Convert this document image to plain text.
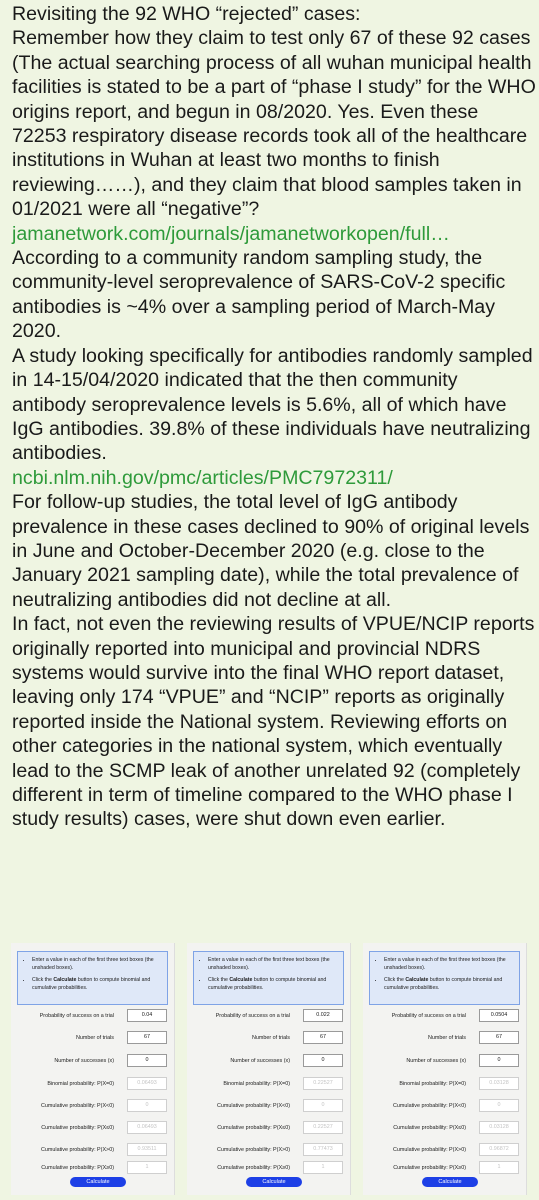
Revisiting the 92 WHO “rejected” cases:

Remember how they claim to test only 67 of these 92 cases (The actual searching process of all wuhan municipal health facilities is stated to be a part of “phase I study” for the WHO origins report, and begun in 08/2020. Yes. Even these 72253 respiratory disease records took all of the healthcare institutions in Wuhan at least two months to finish reviewing……), and they claim that blood samples taken in 01/2021 were all “negative”?

jamanetwork.com/journals/jamanetworkopen/full…

According to a community random sampling study, the community-level seroprevalence of SARS-CoV-2 specific antibodies is ~4% over a sampling period of March-May 2020.

A study looking specifically for antibodies randomly sampled in 14-15/04/2020 indicated that the then community antibody seroprevalence levels is 5.6%, all of which have IgG antibodies. 39.8% of these individuals have neutralizing antibodies.

ncbi.nlm.nih.gov/pmc/articles/PMC7972311/

For follow-up studies, the total level of IgG antibody prevalence in these cases declined to 90% of original levels in June and October-December 2020 (e.g. close to the January 2021 sampling date), while the total prevalence of neutralizing antibodies did not decline at all.

In fact, not even the reviewing results of VPUE/NCIP reports originally reported into municipal and provincial NDRS systems would survive into the final WHO report dataset, leaving only 174 “VPUE” and “NCIP” reports as originally reported inside the National system. Reviewing efforts on other categories in the national system, which eventually lead to the SCMP leak of another unrelated 92 (completely different in term of timeline compared to the WHO phase I study results) cases, were shut down even earlier.

• Enter a value in each of the first three text boxes (the unshaded boxes).
• Click the Calculate button to compute binomial and cumulative probabilities.
Probability of success on a trial	0.04
Number of trials	67
Number of successes (x)	0
Binomial probability: P(X=0)	0.06493
Cumulative probability: P(X<0)	0
Cumulative probability: P(X≤0)	0.06493
Cumulative probability: P(X>0)	0.93511
Cumulative probability: P(X≥0)	1
Calculate
• Enter a value in each of the first three text boxes (the unshaded boxes).
• Click the Calculate button to compute binomial and cumulative probabilities.
Probability of success on a trial	0.022
Number of trials	67
Number of successes (x)	0
Binomial probability: P(X=0)	0.22527
Cumulative probability: P(X<0)	0
Cumulative probability: P(X≤0)	0.22527
Cumulative probability: P(X>0)	0.77473
Cumulative probability: P(X≥0)	1
Calculate
• Enter a value in each of the first three text boxes (the unshaded boxes).
• Click the Calculate button to compute binomial and cumulative probabilities.
Probability of success on a trial	0.0504
Number of trials	67
Number of successes (x)	0
Binomial probability: P(X=0)	0.03128
Cumulative probability: P(X<0)	0
Cumulative probability: P(X≤0)	0.03128
Cumulative probability: P(X>0)	0.96872
Cumulative probability: P(X≥0)	1
Calculate
